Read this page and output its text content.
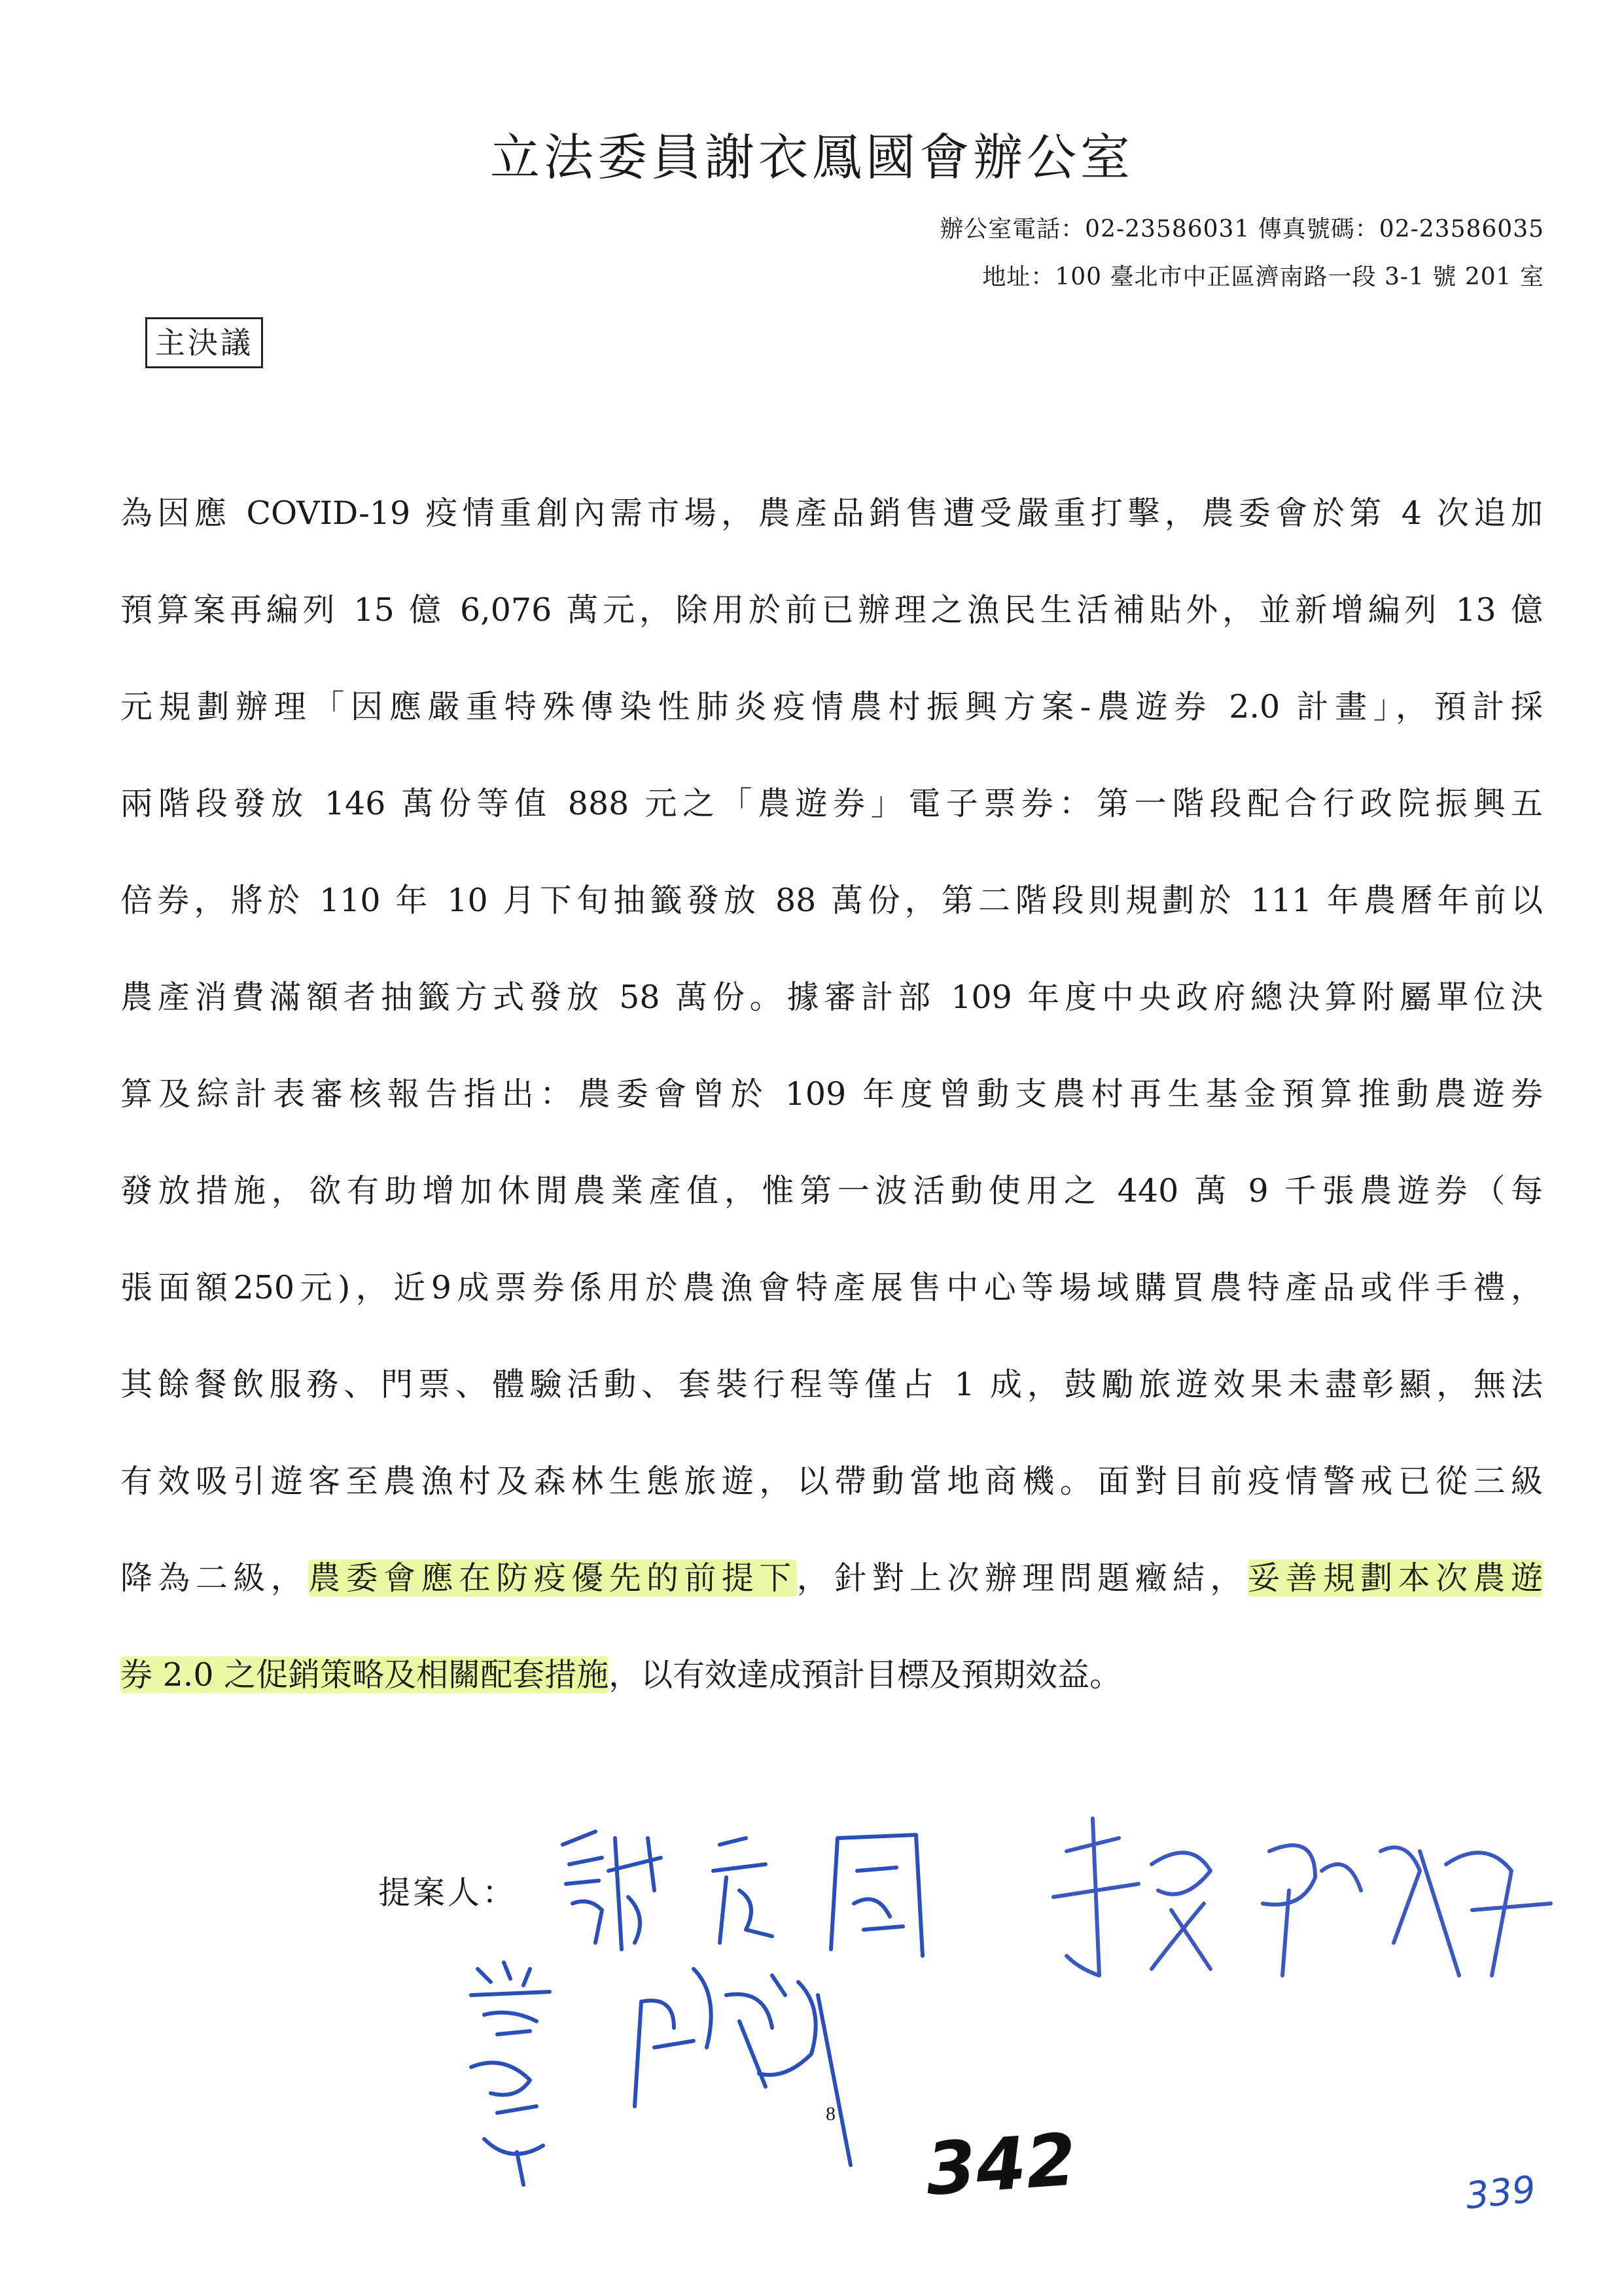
立法委員謝衣鳳國會辦公室
辦公室電話：02-23586031 傳真號碼：02-23586035
地址：100 臺北市中正區濟南路一段 3-1 號 201 室
主決議
為因應 COVID-19 疫情重創內需市場，農產品銷售遭受嚴重打擊，農委會於第 4 次追加
預算案再編列 15 億 6,076 萬元，除用於前已辦理之漁民生活補貼外，並新增編列 13 億
元規劃辦理「因應嚴重特殊傳染性肺炎疫情農村振興方案-農遊券 2.0 計畫」，預計採
兩階段發放 146 萬份等值 888 元之「農遊券」電子票券：第一階段配合行政院振興五
倍券，將於 110 年 10 月下旬抽籤發放 88 萬份，第二階段則規劃於 111 年農曆年前以
農產消費滿額者抽籤方式發放 58 萬份。據審計部 109 年度中央政府總決算附屬單位決
算及綜計表審核報告指出：農委會曾於 109 年度曾動支農村再生基金預算推動農遊券
發放措施，欲有助增加休閒農業產值，惟第一波活動使用之 440 萬 9 千張農遊券（每
張面額250元)，近9成票券係用於農漁會特產展售中心等場域購買農特產品或伴手禮，
其餘餐飲服務、門票、體驗活動、套裝行程等僅占 1 成，鼓勵旅遊效果未盡彰顯，無法
有效吸引遊客至農漁村及森林生態旅遊，以帶動當地商機。面對目前疫情警戒已從三級
降為二級，農委會應在防疫優先的前提下，針對上次辦理問題癥結，妥善規劃本次農遊
券 2.0 之促銷策略及相關配套措施，以有效達成預計目標及預期效益。
提案人：
8
342	339
